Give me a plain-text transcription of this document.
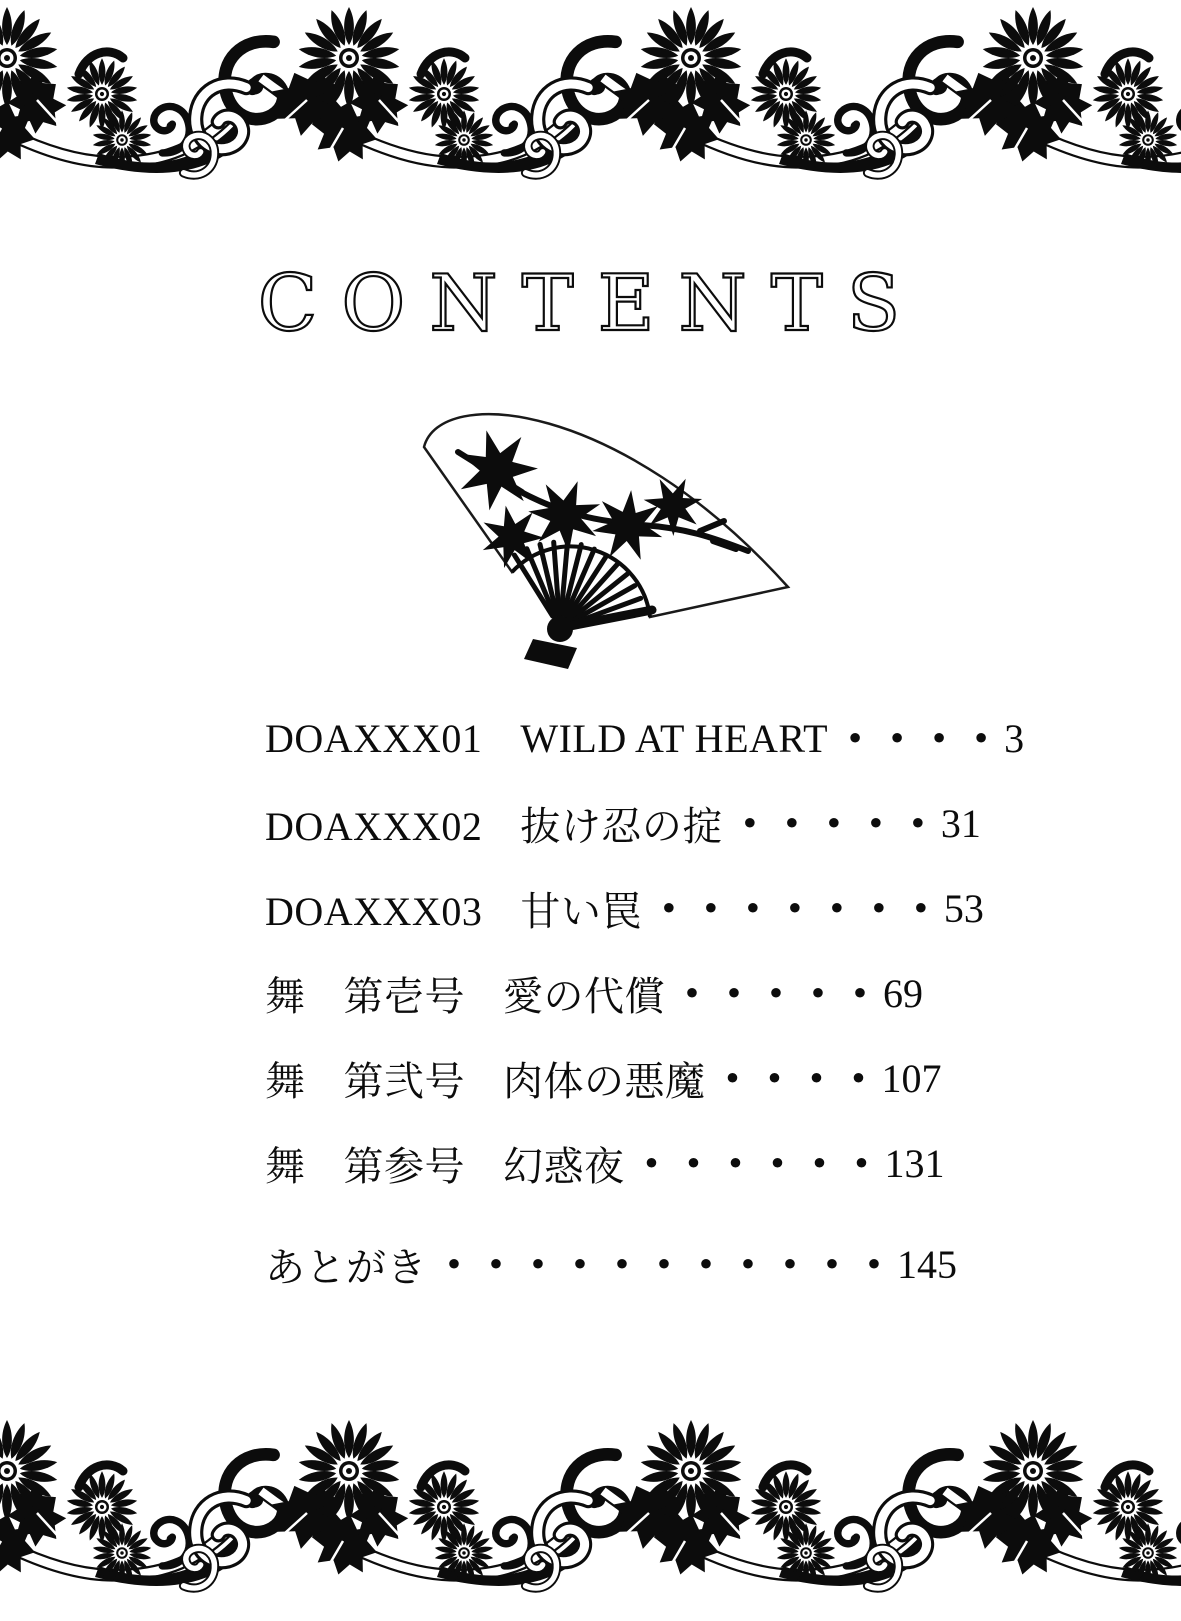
CONTENTS
DOAXXX01 WILD AT HEART • • • • 3
DOAXXX02 抜け忍の掟 • • • • • 31
DOAXXX03 甘い罠 • • • • • • • 53
舞 第壱号 愛の代償 • • • • • 69
舞 第弐号 肉体の悪魔 • • • • 107
舞 第参号 幻惑夜 • • • • • • 131
あとがき • • • • • • • • • • • 145
